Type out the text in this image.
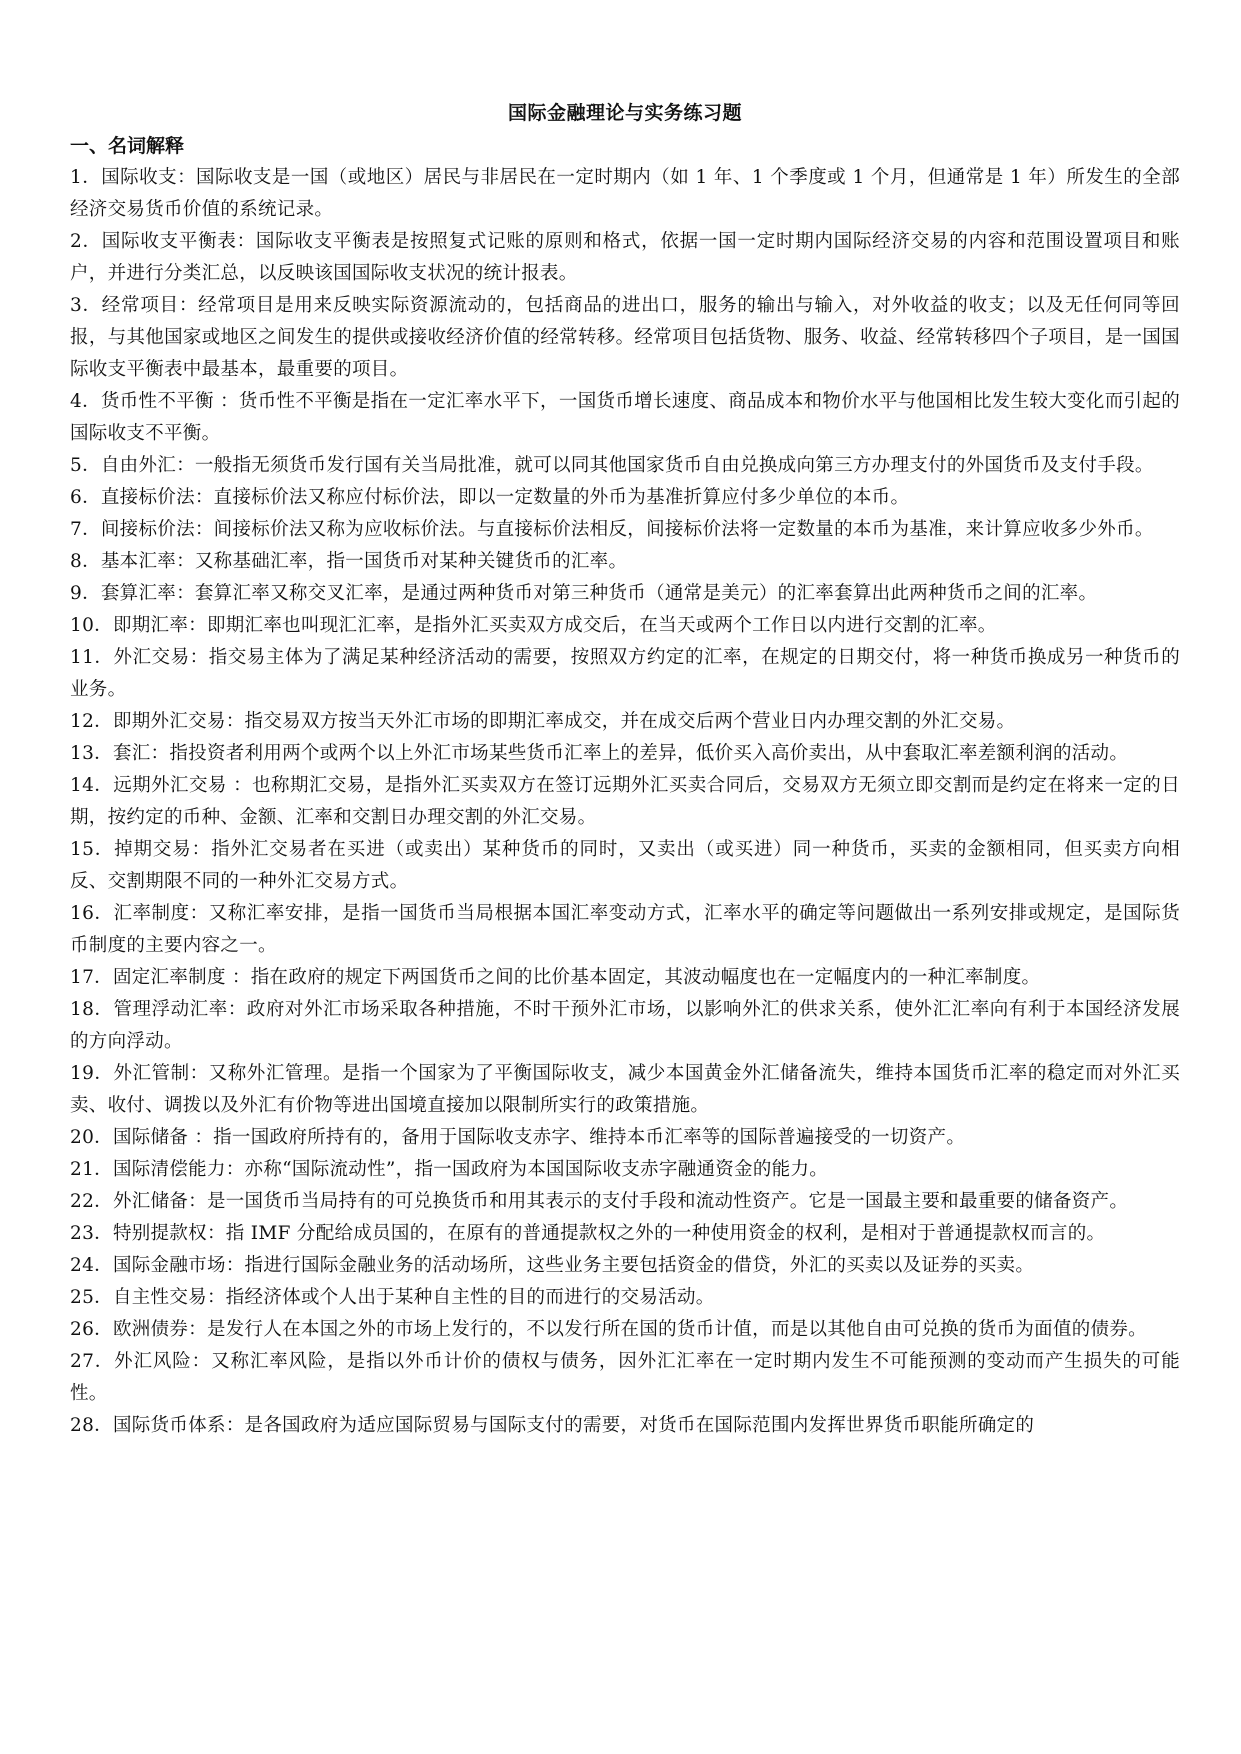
国际金融理论与实务练习题
一、名词解释

1．国际收支：国际收支是一国（或地区）居民与非居民在一定时期内（如 1 年、1 个季度或 1 个月，但通常是 1 年）所发生的全部经济交易货币价值的系统记录。

2．国际收支平衡表：国际收支平衡表是按照复式记账的原则和格式，依据一国一定时期内国际经济交易的内容和范围设置项目和账户，并进行分类汇总，以反映该国国际收支状况的统计报表。

3．经常项目：经常项目是用来反映实际资源流动的，包括商品的进出口，服务的输出与输入，对外收益的收支；以及无任何同等回报，与其他国家或地区之间发生的提供或接收经济价值的经常转移。经常项目包括货物、服务、收益、经常转移四个子项目，是一国国际收支平衡表中最基本，最重要的项目。

4．货币性不平衡 ：货币性不平衡是指在一定汇率水平下，一国货币增长速度、商品成本和物价水平与他国相比发生较大变化而引起的国际收支不平衡。

5．自由外汇：一般指无须货币发行国有关当局批准，就可以同其他国家货币自由兑换成向第三方办理支付的外国货币及支付手段。

6．直接标价法：直接标价法又称应付标价法，即以一定数量的外币为基准折算应付多少单位的本币。

7．间接标价法：间接标价法又称为应收标价法。与直接标价法相反，间接标价法将一定数量的本币为基准，来计算应收多少外币。

8．基本汇率：又称基础汇率，指一国货币对某种关键货币的汇率。

9．套算汇率：套算汇率又称交叉汇率，是通过两种货币对第三种货币（通常是美元）的汇率套算出此两种货币之间的汇率。

10．即期汇率：即期汇率也叫现汇汇率，是指外汇买卖双方成交后，在当天或两个工作日以内进行交割的汇率。

11．外汇交易：指交易主体为了满足某种经济活动的需要，按照双方约定的汇率，在规定的日期交付，将一种货币换成另一种货币的业务。

12．即期外汇交易：指交易双方按当天外汇市场的即期汇率成交，并在成交后两个营业日内办理交割的外汇交易。

13．套汇：指投资者利用两个或两个以上外汇市场某些货币汇率上的差异，低价买入高价卖出，从中套取汇率差额利润的活动。

14．远期外汇交易 ：也称期汇交易，是指外汇买卖双方在签订远期外汇买卖合同后，交易双方无须立即交割而是约定在将来一定的日期，按约定的币种、金额、汇率和交割日办理交割的外汇交易。

15．掉期交易：指外汇交易者在买进（或卖出）某种货币的同时，又卖出（或买进）同一种货币，买卖的金额相同，但买卖方向相反、交割期限不同的一种外汇交易方式。

16．汇率制度：又称汇率安排，是指一国货币当局根据本国汇率变动方式，汇率水平的确定等问题做出一系列安排或规定，是国际货币制度的主要内容之一。

17．固定汇率制度 ：指在政府的规定下两国货币之间的比价基本固定，其波动幅度也在一定幅度内的一种汇率制度。

18．管理浮动汇率：政府对外汇市场采取各种措施，不时干预外汇市场，以影响外汇的供求关系，使外汇汇率向有利于本国经济发展的方向浮动。

19．外汇管制：又称外汇管理。是指一个国家为了平衡国际收支，减少本国黄金外汇储备流失，维持本国货币汇率的稳定而对外汇买卖、收付、调拨以及外汇有价物等进出国境直接加以限制所实行的政策措施。

20．国际储备 ：指一国政府所持有的，备用于国际收支赤字、维持本币汇率等的国际普遍接受的一切资产。

21．国际清偿能力：亦称“国际流动性”，指一国政府为本国国际收支赤字融通资金的能力。

22．外汇储备：是一国货币当局持有的可兑换货币和用其表示的支付手段和流动性资产。它是一国最主要和最重要的储备资产。

23．特别提款权：指 IMF 分配给成员国的，在原有的普通提款权之外的一种使用资金的权利，是相对于普通提款权而言的。

24．国际金融市场：指进行国际金融业务的活动场所，这些业务主要包括资金的借贷，外汇的买卖以及证券的买卖。

25．自主性交易：指经济体或个人出于某种自主性的目的而进行的交易活动。

26．欧洲债券：是发行人在本国之外的市场上发行的，不以发行所在国的货币计值，而是以其他自由可兑换的货币为面值的债券。

27．外汇风险：又称汇率风险，是指以外币计价的债权与债务，因外汇汇率在一定时期内发生不可能预测的变动而产生损失的可能性。

28．国际货币体系：是各国政府为适应国际贸易与国际支付的需要，对货币在国际范围内发挥世界货币职能所确定的
